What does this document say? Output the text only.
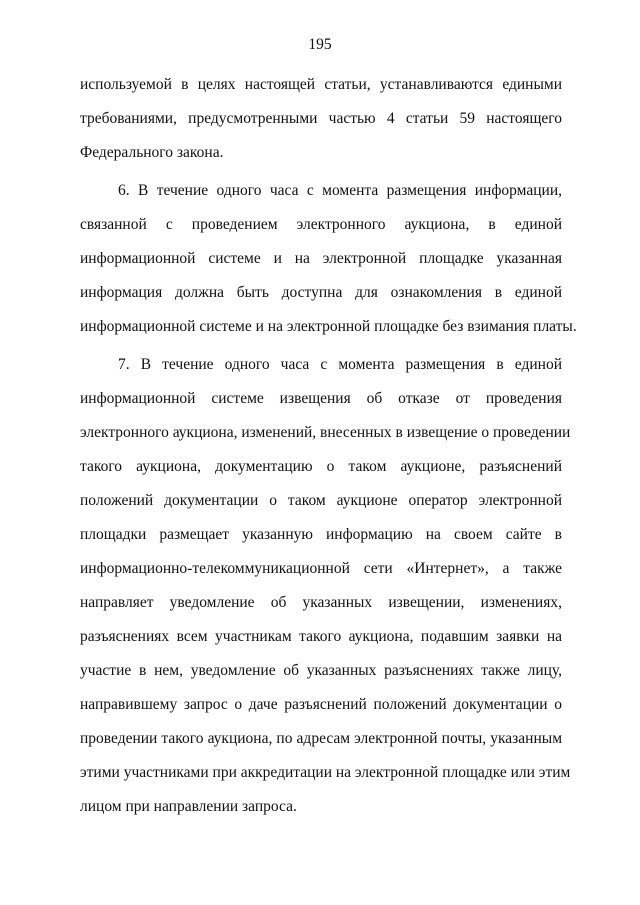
195
используемой в целях настоящей статьи, устанавливаются едиными
требованиями, предусмотренными частью 4 статьи 59 настоящего
Федерального закона.
6. В течение одного часа с момента размещения информации,
связанной с проведением электронного аукциона, в единой
информационной системе и на электронной площадке указанная
информация должна быть доступна для ознакомления в единой
информационной системе и на электронной площадке без взимания платы.
7. В течение одного часа с момента размещения в единой
информационной системе извещения об отказе от проведения
электронного аукциона, изменений, внесенных в извещение о проведении
такого аукциона, документацию о таком аукционе, разъяснений
положений документации о таком аукционе оператор электронной
площадки размещает указанную информацию на своем сайте в
информационно-телекоммуникационной сети «Интернет», а также
направляет уведомление об указанных извещении, изменениях,
разъяснениях всем участникам такого аукциона, подавшим заявки на
участие в нем, уведомление об указанных разъяснениях также лицу,
направившему запрос о даче разъяснений положений документации о
проведении такого аукциона, по адресам электронной почты, указанным
этими участниками при аккредитации на электронной площадке или этим
лицом при направлении запроса.
